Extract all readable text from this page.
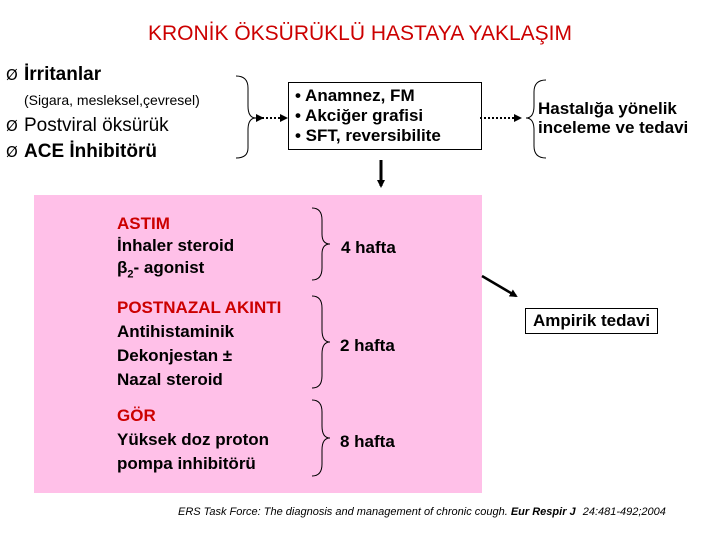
KRONİK ÖKSÜRÜKLÜ HASTAYA YAKLAŞIM
Ø İrritanlar
(Sigara, mesleksel,çevresel)
Ø Postviral öksürük
Ø ACE İnhibitörü
• Anamnez, FM
• Akciğer grafisi
• SFT, reversibilite
Hastalığa yönelik
inceleme ve tedavi
ASTIM
İnhaler steroid
$\beta_2-$ agonist
4 hafta
POSTNAZAL AKINTI
Antihistaminik
Dekonjestan ±
Nazal steroid
2 hafta
GÖR
Yüksek doz proton
pompa inhibitörü
8 hafta
Ampirik tedavi
ERS Task Force: The diagnosis and management of chronic cough. Eur Respir J 24:481-492;2004
